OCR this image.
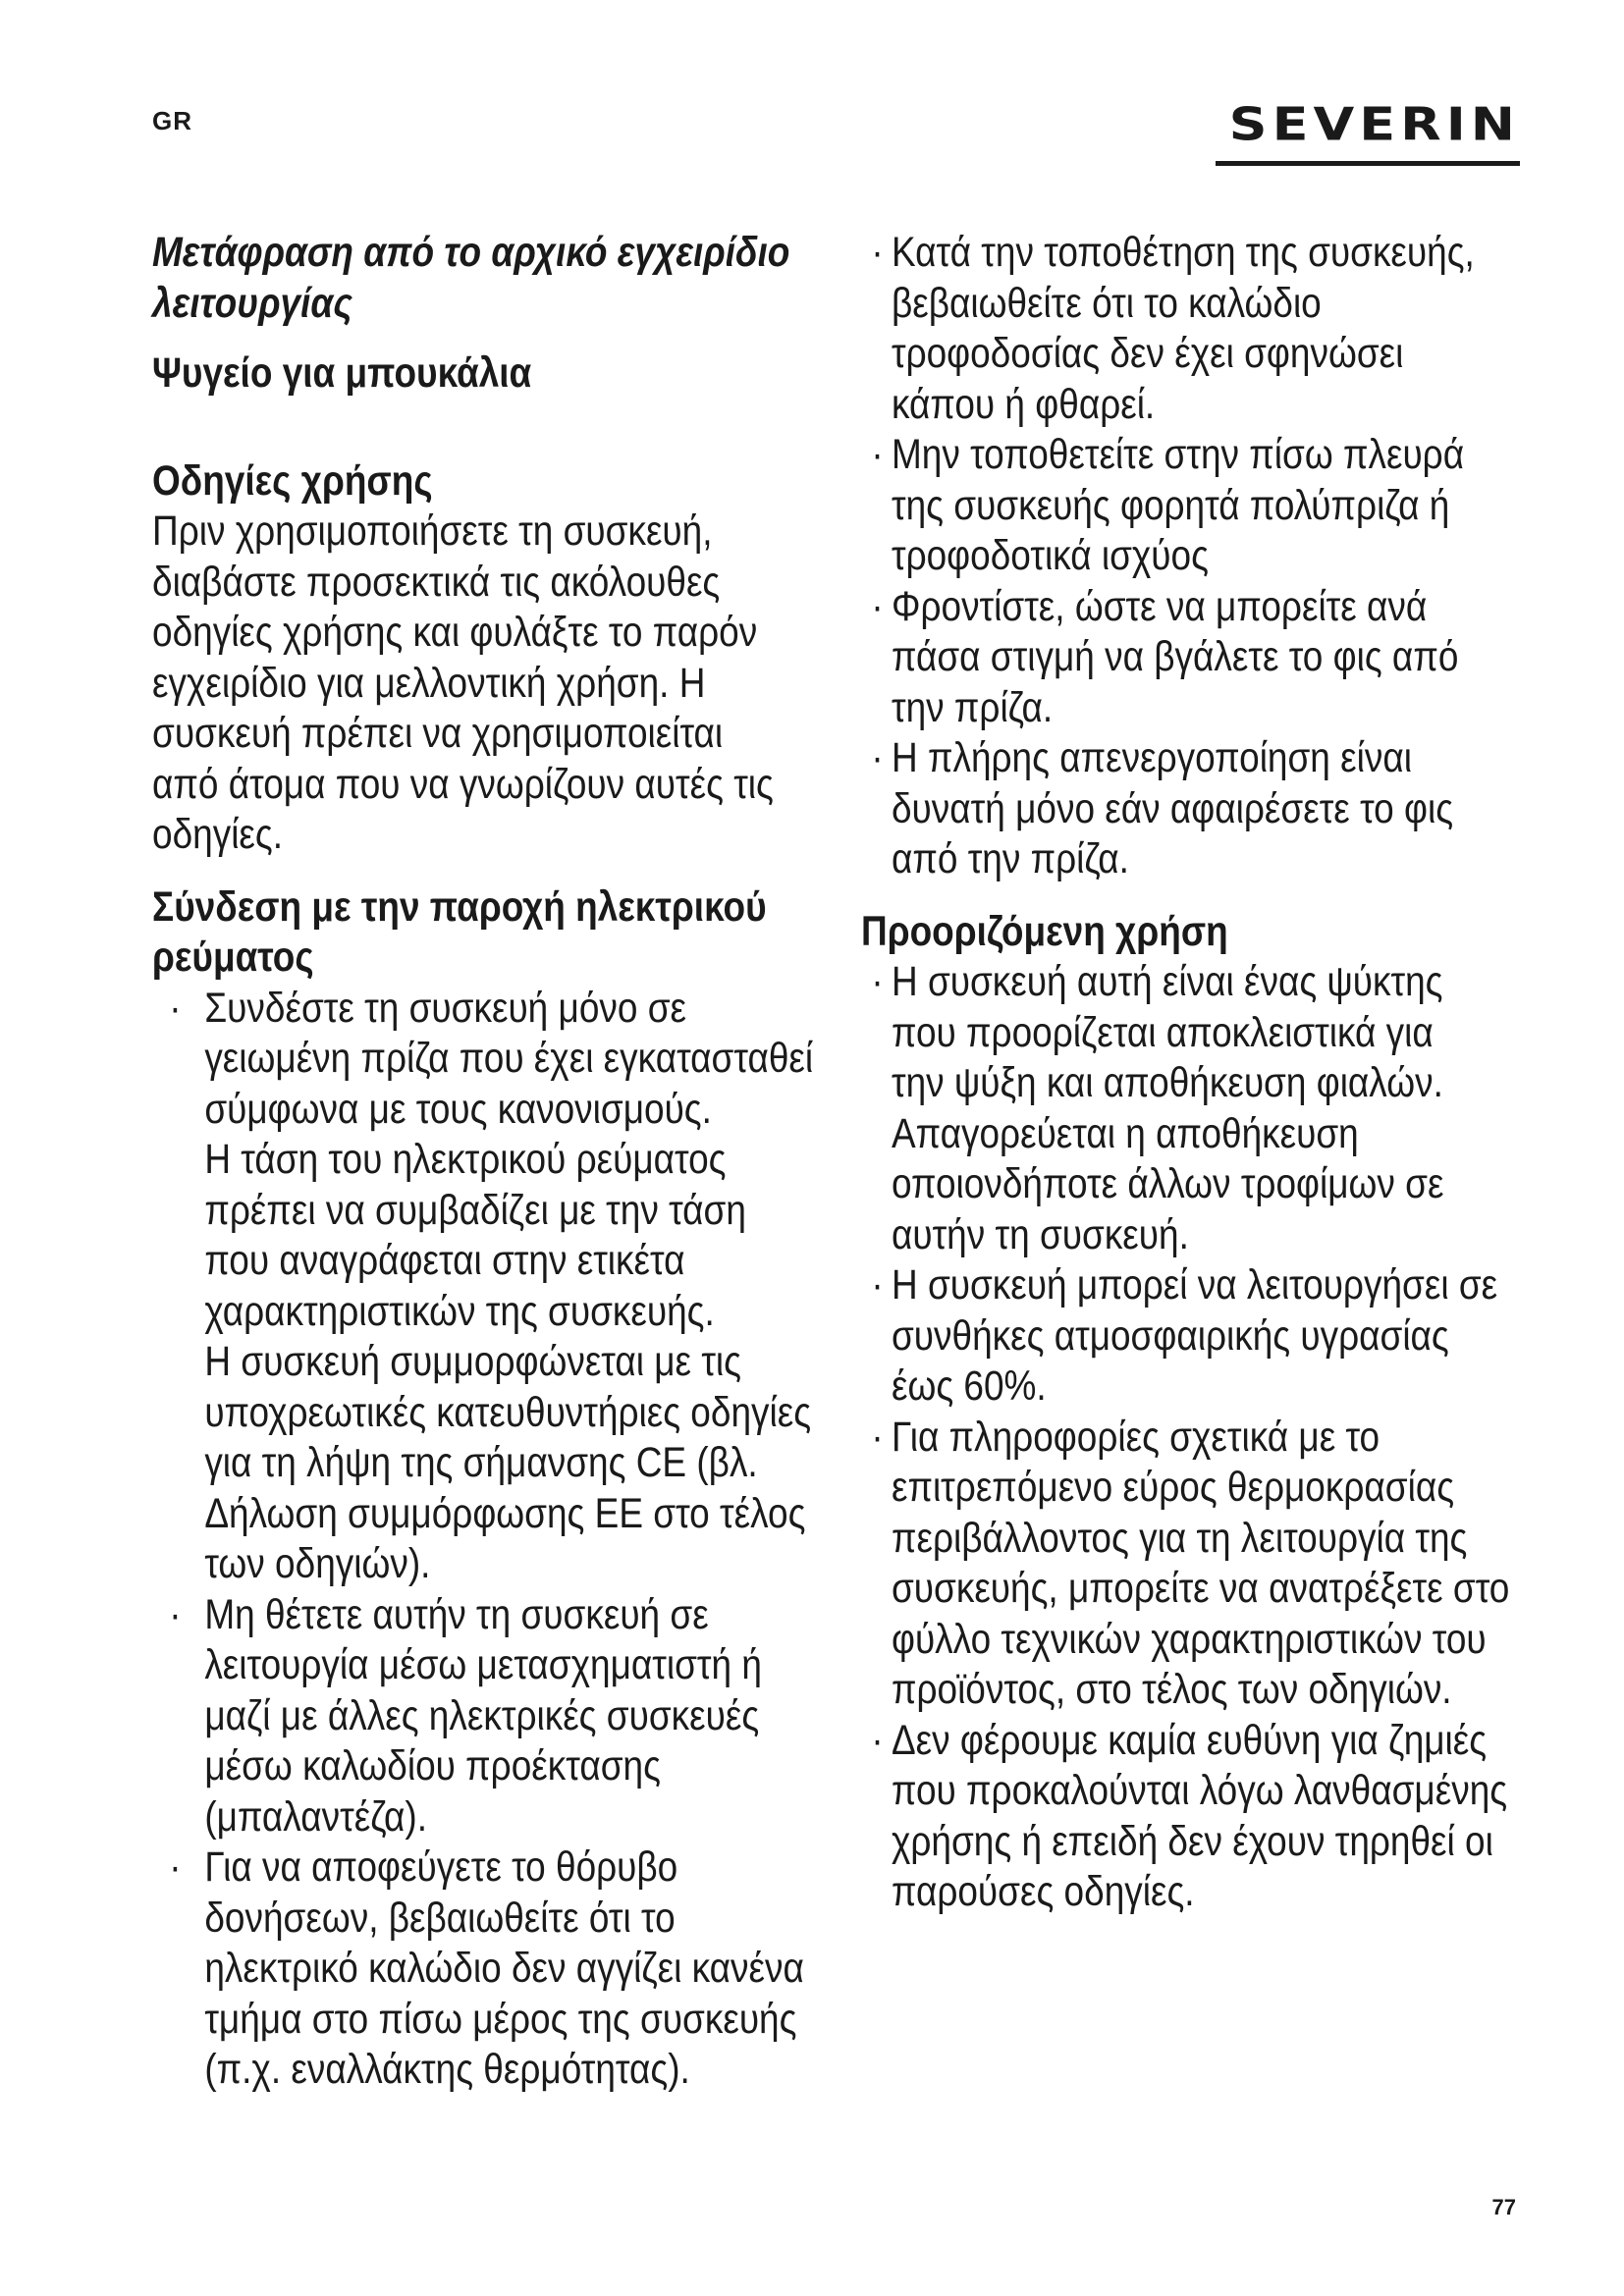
GR	SEVERIN
Μετάφραση από το αρχικό εγχειρίδιο
λειτουργίας
Ψυγείο για μπουκάλια
Οδηγίες χρήσης
Πριν χρησιμοποιήσετε τη συσκευή,
διαβάστε προσεκτικά τις ακόλουθες
οδηγίες χρήσης και φυλάξτε το παρόν
εγχειρίδιο για μελλοντική χρήση. Η
συσκευή πρέπει να χρησιμοποιείται
από άτομα που να γνωρίζουν αυτές τις
οδηγίες.
Σύνδεση με την παροχή ηλεκτρικού
ρεύματος
· Συνδέστε τη συσκευή μόνο σε
γειωμένη πρίζα που έχει εγκατασταθεί
σύμφωνα με τους κανονισμούς.
Η τάση του ηλεκτρικού ρεύματος
πρέπει να συμβαδίζει με την τάση
που αναγράφεται στην ετικέτα
χαρακτηριστικών της συσκευής.
Η συσκευή συμμορφώνεται με τις
υποχρεωτικές κατευθυντήριες οδηγίες
για τη λήψη της σήμανσης CE (βλ.
Δήλωση συμμόρφωσης ΕΕ στο τέλος
των οδηγιών).
· Μη θέτετε αυτήν τη συσκευή σε
λειτουργία μέσω μετασχηματιστή ή
μαζί με άλλες ηλεκτρικές συσκευές
μέσω καλωδίου προέκτασης
(μπαλαντέζα).
· Για να αποφεύγετε το θόρυβο
δονήσεων, βεβαιωθείτε ότι το
ηλεκτρικό καλώδιο δεν αγγίζει κανένα
τμήμα στο πίσω μέρος της συσκευής
(π.χ. εναλλάκτης θερμότητας).
· Κατά την τοποθέτηση της συσκευής,
βεβαιωθείτε ότι το καλώδιο
τροφοδοσίας δεν έχει σφηνώσει
κάπου ή φθαρεί.
· Μην τοποθετείτε στην πίσω πλευρά
της συσκευής φορητά πολύπριζα ή
τροφοδοτικά ισχύος
· Φροντίστε, ώστε να μπορείτε ανά
πάσα στιγμή να βγάλετε το φις από
την πρίζα.
· Η πλήρης απενεργοποίηση είναι
δυνατή μόνο εάν αφαιρέσετε το φις
από την πρίζα.
Προοριζόμενη χρήση
· Η συσκευή αυτή είναι ένας ψύκτης
που προορίζεται αποκλειστικά για
την ψύξη και αποθήκευση φιαλών.
Απαγορεύεται η αποθήκευση
οποιονδήποτε άλλων τροφίμων σε
αυτήν τη συσκευή.
· Η συσκευή μπορεί να λειτουργήσει σε
συνθήκες ατμοσφαιρικής υγρασίας
έως 60%.
· Για πληροφορίες σχετικά με το
επιτρεπόμενο εύρος θερμοκρασίας
περιβάλλοντος για τη λειτουργία της
συσκευής, μπορείτε να ανατρέξετε στο
φύλλο τεχνικών χαρακτηριστικών του
προϊόντος, στο τέλος των οδηγιών.
· Δεν φέρουμε καμία ευθύνη για ζημιές
που προκαλούνται λόγω λανθασμένης
χρήσης ή επειδή δεν έχουν τηρηθεί οι
παρούσες οδηγίες.
77
